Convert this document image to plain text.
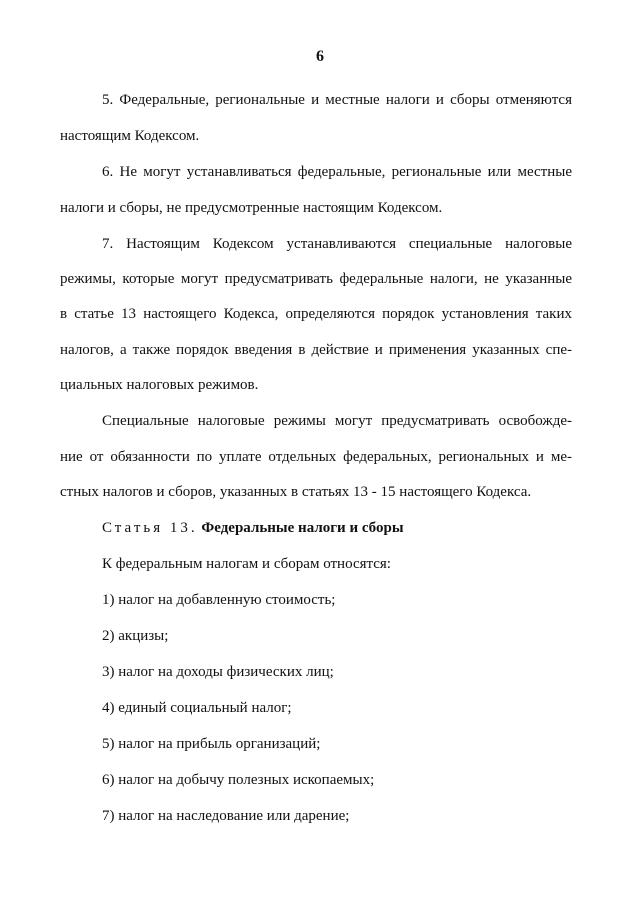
6
5. Федеральные, региональные и местные налоги и сборы отменяются
настоящим Кодексом.
6. Не могут устанавливаться федеральные, региональные или местные
налоги и сборы, не предусмотренные настоящим Кодексом.
7. Настоящим Кодексом устанавливаются специальные налоговые
режимы, которые могут предусматривать федеральные налоги, не указанные
в статье 13 настоящего Кодекса, определяются порядок установления таких
налогов, а также порядок введения в действие и применения указанных спе-
циальных налоговых режимов.
Специальные налоговые режимы могут предусматривать освобожде-
ние от обязанности по уплате отдельных федеральных, региональных и ме-
стных налогов и сборов, указанных в статьях 13 - 15 настоящего Кодекса.
Статья 13. Федеральные налоги и сборы
К федеральным налогам и сборам относятся:
1) налог на добавленную стоимость;
2) акцизы;
3) налог на доходы физических лиц;
4) единый социальный налог;
5) налог на прибыль организаций;
6) налог на добычу полезных ископаемых;
7) налог на наследование или дарение;
